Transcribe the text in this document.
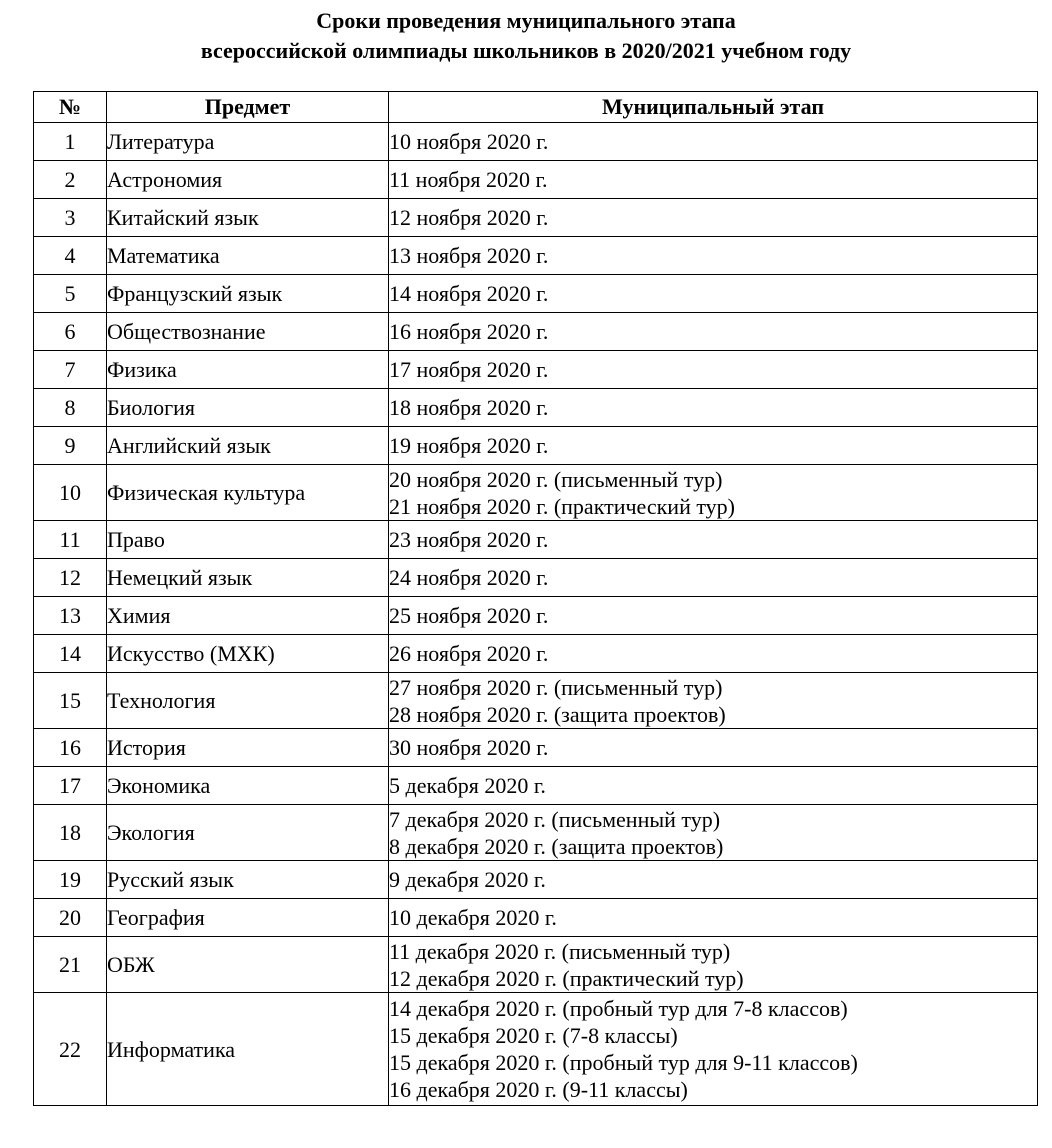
Сроки проведения муниципального этапа
всероссийской олимпиады школьников в 2020/2021 учебном году
№	Предмет	Муниципальный этап
1	Литература	10 ноября 2020 г.

2	Астрономия	11 ноября 2020 г.

3	Китайский язык	12 ноября 2020 г.

4	Математика	13 ноября 2020 г.

5	Французский язык	14 ноября 2020 г.

6	Обществознание	16 ноября 2020 г.

7	Физика	17 ноября 2020 г.

8	Биология	18 ноября 2020 г.

9	Английский язык	19 ноября 2020 г.

10	Физическая культура	20 ноября 2020 г. (письменный тур)
21 ноября 2020 г. (практический тур)

11	Право	23 ноября 2020 г.

12	Немецкий язык	24 ноября 2020 г.

13	Химия	25 ноября 2020 г.

14	Искусство (МХК)	26 ноября 2020 г.

15	Технология	27 ноября 2020 г. (письменный тур)
28 ноября 2020 г. (защита проектов)

16	История	30 ноября 2020 г.

17	Экономика	5 декабря 2020 г.

18	Экология	7 декабря 2020 г. (письменный тур)
8 декабря 2020 г. (защита проектов)

19	Русский язык	9 декабря 2020 г.

20	География	10 декабря 2020 г.

21	ОБЖ	11 декабря 2020 г. (письменный тур)
12 декабря 2020 г. (практический тур)

22	Информатика	14 декабря 2020 г. (пробный тур для 7-8 классов)
15 декабря 2020 г. (7-8 классы)
15 декабря 2020 г. (пробный тур для 9-11 классов)
16 декабря 2020 г. (9-11 классы)
